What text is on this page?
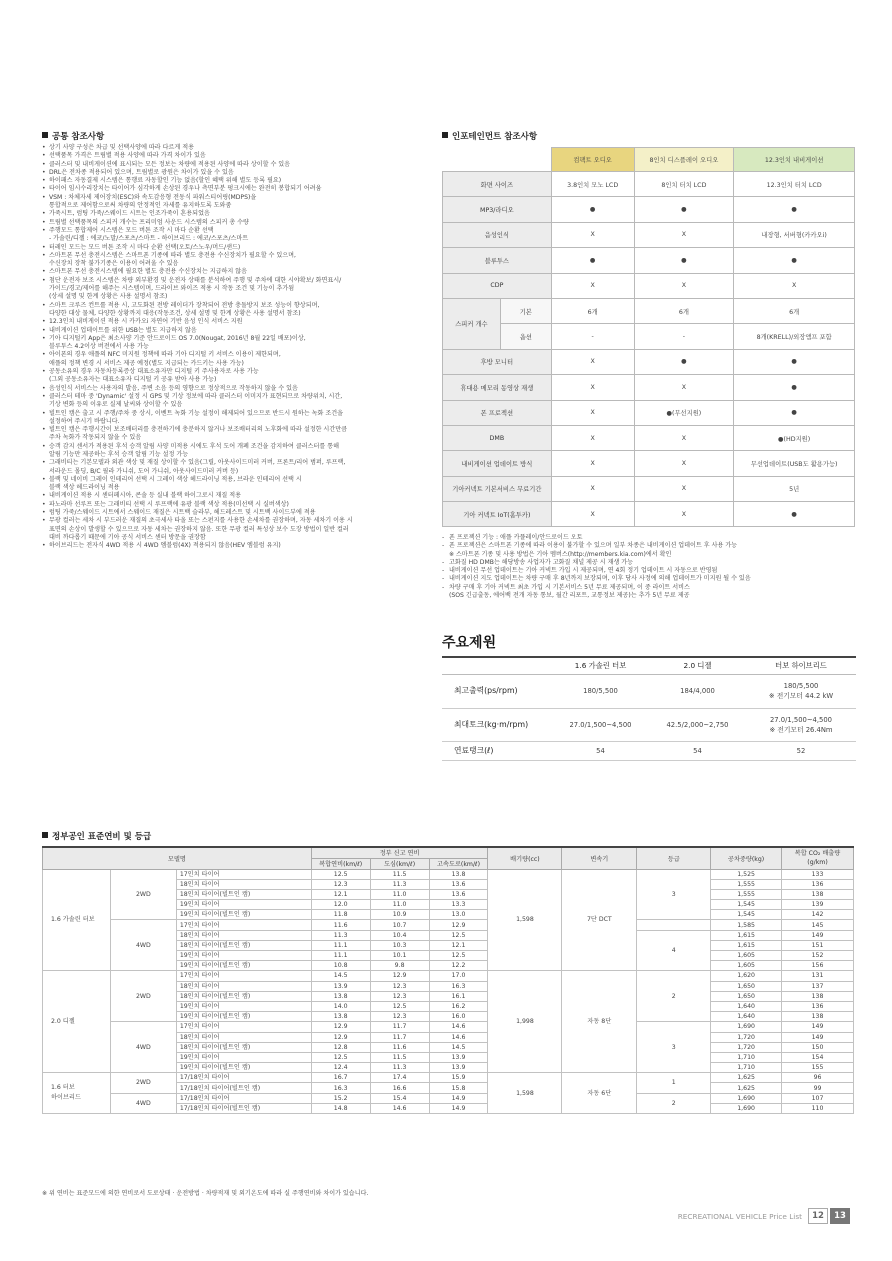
공통 참조사항	인포테인먼트 참조사항
정부공인 표준연비 및 등급
• 상기 사양 구성은 차급 및 선택사양에 따라 다르게 적용
• 선택품목 가격은 트림별 적용 사양에 따라 가격 차이가 있음
• 클러스터 및 내비게이션에 표시되는 모든 정보는 차량에 적용된 사양에 따라 상이할 수 있음
• DRL은 전차종 적용되어 있으며, 트림별로 광원은 차이가 있을 수 있음
• 하이패스 자동결제 시스템은 통행료 자동할인 기능 없음(할인 혜택 위해 별도 등록 필요)
• 타이어 임시수리장치는 타이어가 심각하게 손상된 경우나 측면부분 펑크시에는 완전히 봉합되기 어려움
• VSM : 차체자세 제어장치(ESC)와 속도감응형 전동식 파워스티어링(MDPS)을
통합적으로 제어함으로써 차량의 안정적인 자세를 유지하도록 도와줌
• 가죽시트, 럼팅 가죽/스웨이드 시트는 인조가죽이 혼용되었음
• 트림별 선택품목의 스피커 개수는 프리미엄 사운드 시스템의 스피커 총 수량
• 주행모드 통합제어 시스템은 모드 버튼 조작 시 마다 순환 선택
- 가솔린/디젤 : 에코/노말/스포츠/스마트 - 하이브리드 : 에코/스포츠/스마트
• 터레인 모드는 모드 버튼 조작 시 마다 순환 선택(오토/스노우/머드/샌드)
• 스마트폰 무선 충전시스템은 스마트폰 기종에 따라 별도 충전용 수신장치가 필요할 수 있으며,
수신장치 장착 불가기종은 이용이 어려울 수 있음
• 스마트폰 무선 충전시스템에 필요한 별도 충전용 수신장치는 지급하지 않음
• 첨단 운전자 보조 시스템은 차량 외부환경 및 운전자 상태를 분석하여 주행 및 주차에 대한 시야확보/ 화면표시/
가이드/경고/제어를 해주는 시스템이며, 드라이브 와이즈 적용 시 작동 조건 및 기능이 추가됨
(상세 설명 및 한계 상황은 사용 설명서 참조)
• 스마트 크루즈 컨트롤 적용 시, 고도화된 전방 레이더가 장착되어 전방 충돌방지 보조 성능이 향상되며,
다양한 대상 물체, 다양한 상황까지 대응(작동조건, 상세 설명 및 한계 상황은 사용 설명서 참조)
• 12.3인치 내비게이션 적용 시 카카오i 자연어 기반 음성 인식 서비스 지원
• 내비게이션 업데이트를 위한 USB는 별도 지급하지 않음
• 기아 디지털키 App은 최소사양 기준 안드로이드 OS 7.0(Nougat, 2016년 8월 22일 배포)이상,
블루투스 4.2이상 버전에서 사용 가능
• 아이폰의 경우 애플의 NFC 미지원 정책에 따라 기아 디지털 키 서비스 이용이 제한되며,
애플의 정책 변경 시 서비스 제공 예정(별도 지급되는 카드키는 사용 가능)
• 공동소유의 경우 자동차등록증상 대표소유자만 디지털 키 주사용자로 사용 가능
(그외 공동소유자는 대표소유자 디지털 키 공유 받아 사용 가능)
• 음성인식 서비스는 사용자의 발음, 주변 소음 등의 영향으로 정상적으로 작동하지 않을 수 있음
• 클러스터 테마 중 'Dynamic' 설정 시 GPS 및 기상 정보에 따라 클러스터 이미지가 표현되므로 차량위치, 시간,
기상 변화 등의 이유로 실제 날씨와 상이할 수 있음
• 빌트인 캠은 출고 시 주행/주차 중 상시, 이벤트 녹화 기능 설정이 해제되어 있으므로 반드시 원하는 녹화 조건을
설정하여 주시기 바랍니다.
• 빌트인 캠은 주행시간이 보조배터리를 충전하기에 충분하지 않거나 보조배터리의 노후화에 따라 설정한 시간만큼
주차 녹화가 작동되지 않을 수 있음
• 승객 감지 센서가 적용된 후석 승객 알림 사양 미적용 시에도 후석 도어 개폐 조건을 감지하여 클러스터를 통해
알림 기능만 제공하는 후석 승객 알림 기능 설정 가능
• 그래비티는 기본모델과 외관 색상 및 재질 상이할 수 있음(그릴, 아웃사이드미러 커버, 프론트/리어 범퍼, 루프랙,
서라운드 몰딩, B/C 필라 가니쉬, 도어 가니쉬, 아웃사이드미러 커버 등)
• 블랙 및 네이비 그레이 인테리어 선택 시 그레이 색상 헤드라이닝 적용, 브라운 인테리어 선택 시
블랙 색상 헤드라이닝 적용
• 내비게이션 적용 시 센터페시아, 콘솔 등 실내 블랙 하이그로시 재질 적용
• 파노라마 선루프 또는 그래비티 선택 시 루프랙에 유광 블랙 색상 적용(미선택 시 실버색상)
• 럼팅 가죽/스웨이드 시트에서 스웨이드 재질은 시트백 슬라부, 헤드레스트 및 시트백 사이드부에 적용
• 무광 컬러는 세차 시 부드러운 재질의 초극세사 타올 또는 스펀지를 사용한 손세차를 권장하며, 자동 세차기 이용 시
표면의 손상이 발생할 수 있으므로 자동 세차는 권장하지 않음. 또한 무광 컬러 특성상 보수 도장 방법이 일반 컬러
대비 까다롭기 때문에 기아 공식 서비스 센터 방문을 권장함
• 하이브리드는 전자식 4WD 적용 시 4WD 엠블럼(4X) 적용되지 않음(HEV 엠블럼 유지)
		컴팩트 오디오	8인치 디스플레이 오디오	12.3인치 내비게이션
화면 사이즈		3.8인치 모노 LCD	8인치 터치 LCD	12.3인치 터치 LCD
MP3/라디오		●	●	●
음성인식		X	X	내장형, 서버형(카카오i)
블루투스		●	●	●
CDP		X	X	X
스피커 개수	기본	6개	6개	6개
	옵션	-	-	8개(KRELL)/외장앰프 포함
후방 모니터		X	●	●
휴대용 메모리 동영상 재생		X	X	●
폰 프로젝션		X	●(무선지원)	●
DMB		X	X	●(HD지원)
내비게이션 업데이트 방식		X	X	무선업데이트(USB도 활용가능)
기아커넥트 기본서비스 무료기간		X	X	5년
기아 커넥트 IoT(홈투카)		X	X	●
- 폰 프로젝션 기능 : 애플 카플레이/안드로이드 오토
- 폰 프로젝션은 스마트폰 기종에 따라 이용이 불가할 수 있으며 일부 차종은 내비게이션 업데이트 후 사용 가능
※ 스마트폰 기종 및 사용 방법은 기아 멤버스(http://members.kia.com)에서 확인
- 고화질 HD DMB는 해당방송 사업자가 고화질 채널 제공 시 재생 가능
- 내비게이션 무선 업데이트는 기아 커넥트 가입 시 제공되며, 연 4회 정기 업데이트 시 자동으로 반영됨
- 내비게이션 지도 업데이트는 차량 구매 후 8년까지 보장되며, 이후 당사 사정에 의해 업데이트가 미지원 될 수 있음
- 차량 구매 후 기아 커넥트 최초 가입 시 기본서비스 5년 무료 제공되며, 이 중 라이트 서비스
(SOS 긴급출동, 에어백 전개 자동 통보, 월간 리포트, 교통정보 제공)는 추가 5년 무료 제공
주요제원
	1.6 가솔린 터보	2.0 디젤	터보 하이브리드
최고출력(ps/rpm)	180/5,500	184/4,000	180/5,500
※ 전기모터 44.2 kW
최대토크(kg·m/rpm)	27.0/1,500~4,500	42.5/2,000~2,750	27.0/1,500~4,500
※ 전기모터 26.4Nm
연료탱크(ℓ)	54	54	52
모델명			정부 신고 연비			배기량(cc)	변속기	등급	공차중량(kg)	복합 CO₂ 배출량
(g/km)
			복합연비(km/ℓ)	도심(km/ℓ)	고속도로(km/ℓ)					
1.6 가솔린 터보	2WD	17인치 타이어	12.5	11.5	13.8	1,598	7단 DCT	3	1,525	133
		18인치 타이어	12.3	11.3	13.6				1,555	136
		18인치 타이어(빌트인 캠)	12.1	11.0	13.6				1,555	138
		19인치 타이어	12.0	11.0	13.3				1,545	139
		19인치 타이어(빌트인 캠)	11.8	10.9	13.0				1,545	142
	4WD	17인치 타이어	11.6	10.7	12.9				1,585	145
		18인치 타이어	11.3	10.4	12.5			4	1,615	149
		18인치 타이어(빌트인 캠)	11.1	10.3	12.1				1,615	151
		19인치 타이어	11.1	10.1	12.5				1,605	152
		19인치 타이어(빌트인 캠)	10.8	9.8	12.2				1,605	156
2.0 디젤	2WD	17인치 타이어	14.5	12.9	17.0	1,998	자동 8단	2	1,620	131
		18인치 타이어	13.9	12.3	16.3				1,650	137
		18인치 타이어(빌트인 캠)	13.8	12.3	16.1				1,650	138
		19인치 타이어	14.0	12.5	16.2				1,640	136
		19인치 타이어(빌트인 캠)	13.8	12.3	16.0				1,640	138
	4WD	17인치 타이어	12.9	11.7	14.6			3	1,690	149
		18인치 타이어	12.9	11.7	14.6				1,720	149
		18인치 타이어(빌트인 캠)	12.8	11.6	14.5				1,720	150
		19인치 타이어	12.5	11.5	13.9				1,710	154
		19인치 타이어(빌트인 캠)	12.4	11.3	13.9				1,710	155
1.6 터보
하이브리드	2WD	17/18인치 타이어	16.7	17.4	15.9	1,598	자동 6단	1	1,625	96
		17/18인치 타이어(빌트인 캠)	16.3	16.6	15.8				1,625	99
	4WD	17/18인치 타이어	15.2	15.4	14.9			2	1,690	107
		17/18인치 타이어(빌트인 캠)	14.8	14.6	14.9				1,690	110
※ 위 연비는 표준모드에 의한 연비로서 도로상태 · 운전방법 · 차량적재 및 외기온도에 따라 실 주행연비와 차이가 있습니다.
RECREATIONAL VEHICLE Price List	12	13
